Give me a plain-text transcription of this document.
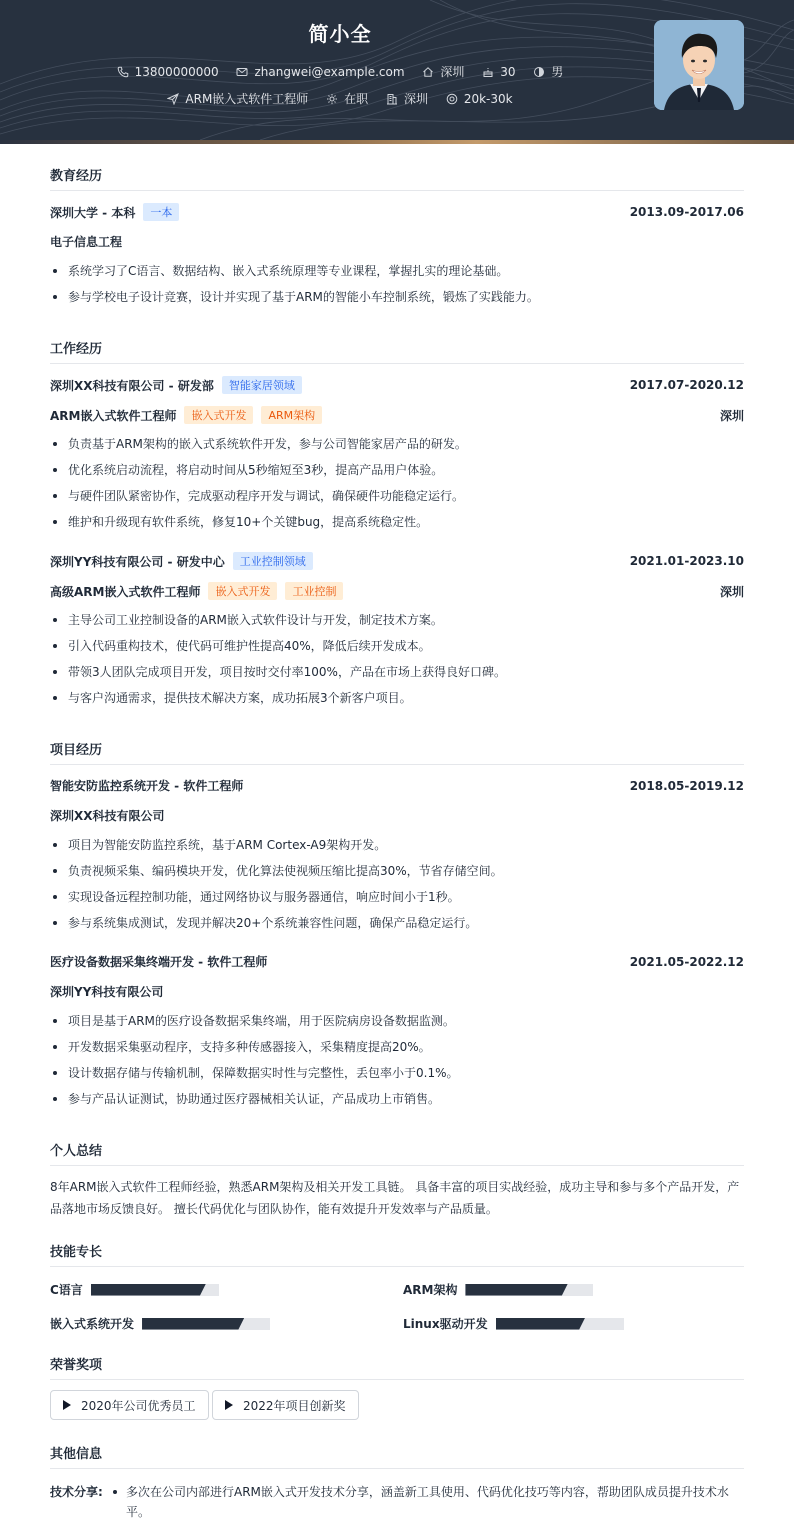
简小全
13800000000
	zhangwei@example.com
	深圳
	30
	男
ARM嵌入式软件工程师
	在职
	深圳
	20k-30k
教育经历
深圳大学 - 本科	一本	2013.09-2017.06
电子信息工程
系统学习了C语言、数据结构、嵌入式系统原理等专业课程，掌握扎实的理论基础。
参与学校电子设计竞赛，设计并实现了基于ARM的智能小车控制系统，锻炼了实践能力。
工作经历
深圳XX科技有限公司 - 研发部	智能家居领域	2017.07-2020.12
ARM嵌入式软件工程师	嵌入式开发	ARM架构	深圳
负责基于ARM架构的嵌入式系统软件开发，参与公司智能家居产品的研发。
优化系统启动流程，将启动时间从5秒缩短至3秒，提高产品用户体验。
与硬件团队紧密协作，完成驱动程序开发与调试，确保硬件功能稳定运行。
维护和升级现有软件系统，修复10+个关键bug，提高系统稳定性。
深圳YY科技有限公司 - 研发中心	工业控制领域	2021.01-2023.10
高级ARM嵌入式软件工程师	嵌入式开发	工业控制	深圳
主导公司工业控制设备的ARM嵌入式软件设计与开发，制定技术方案。
引入代码重构技术，使代码可维护性提高40%，降低后续开发成本。
带领3人团队完成项目开发，项目按时交付率100%，产品在市场上获得良好口碑。
与客户沟通需求，提供技术解决方案，成功拓展3个新客户项目。
项目经历
智能安防监控系统开发 - 软件工程师	2018.05-2019.12
深圳XX科技有限公司
项目为智能安防监控系统，基于ARM Cortex-A9架构开发。
负责视频采集、编码模块开发，优化算法使视频压缩比提高30%，节省存储空间。
实现设备远程控制功能，通过网络协议与服务器通信，响应时间小于1秒。
参与系统集成测试，发现并解决20+个系统兼容性问题，确保产品稳定运行。
医疗设备数据采集终端开发 - 软件工程师	2021.05-2022.12
深圳YY科技有限公司
项目是基于ARM的医疗设备数据采集终端，用于医院病房设备数据监测。
开发数据采集驱动程序，支持多种传感器接入，采集精度提高20%。
设计数据存储与传输机制，保障数据实时性与完整性，丢包率小于0.1%。
参与产品认证测试，协助通过医疗器械相关认证，产品成功上市销售。
个人总结
8年ARM嵌入式软件工程师经验，熟悉ARM架构及相关开发工具链。 具备丰富的项目实战经验，成功主导和参与多个产品开发，产品落地市场反馈良好。 擅长代码优化与团队协作，能有效提升开发效率与产品质量。
技能专长
C语言	ARM架构
嵌入式系统开发	Linux驱动开发
荣誉奖项
2020年公司优秀员工	2022年项目创新奖
其他信息
技术分享:	多次在公司内部进行ARM嵌入式开发技术分享，涵盖新工具使用、代码优化技巧等内容，帮助团队成员提升技术水平。
